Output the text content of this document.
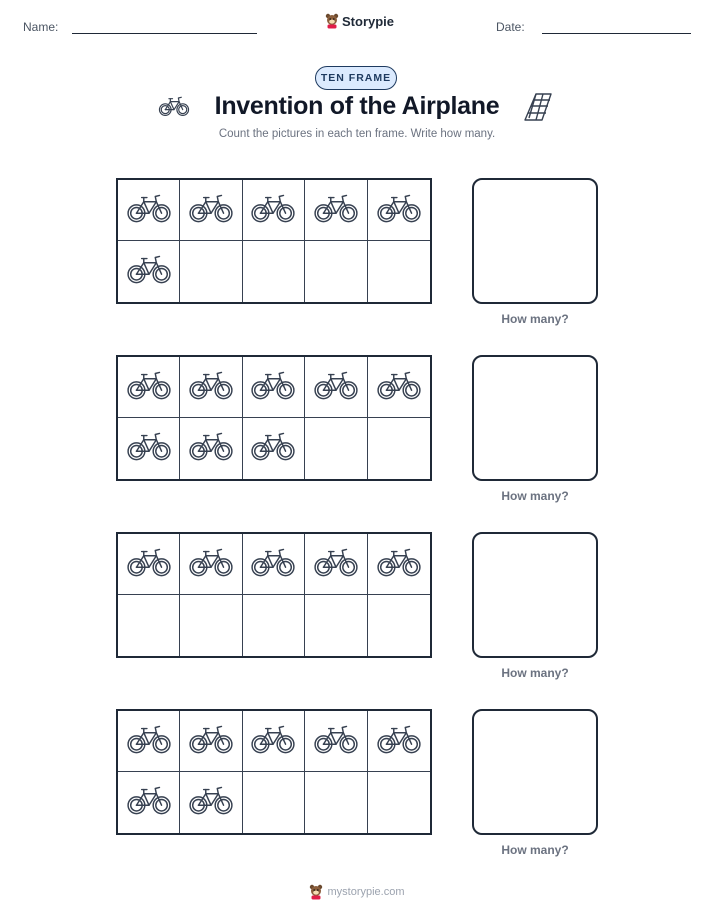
Name:	Storypie	Date:
TEN FRAME
Invention of the Airplane
Count the pictures in each ten frame. Write how many.
How many?
How many?
How many?
How many?
mystorypie.com
